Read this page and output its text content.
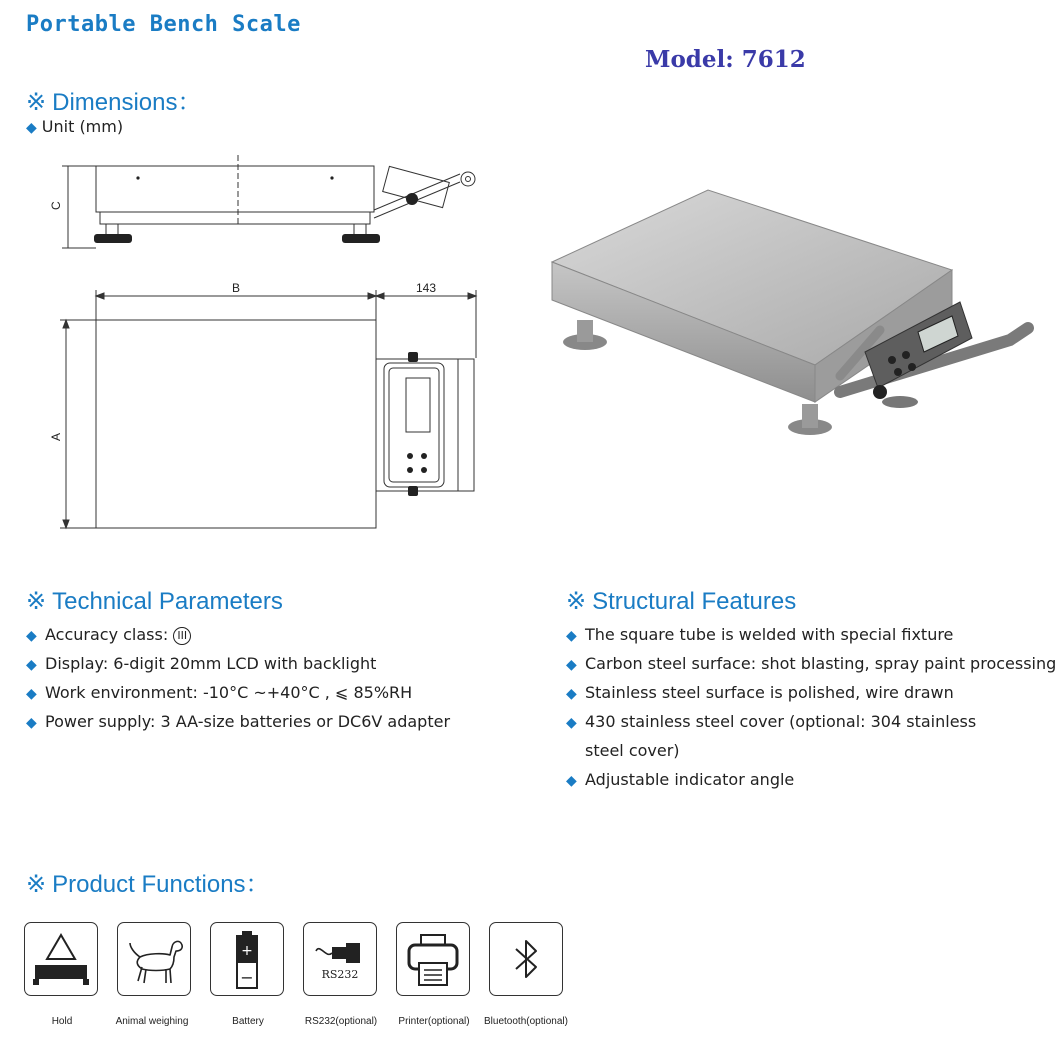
Portable Bench Scale
Model: 7612
※ Dimensions：
◆ Unit (mm)
C
B	143
A
※ Technical Parameters
◆ Accuracy class: III
◆ Display: 6-digit 20mm LCD with backlight
◆ Work environment: -10°C ~+40°C , ⩽ 85%RH
◆ Power supply: 3 AA-size batteries or DC6V adapter
※ Structural Features
◆ The square tube is welded with special fixture
◆ Carbon steel surface: shot blasting, spray paint processing
◆ Stainless steel surface is polished, wire drawn
◆ 430 stainless steel cover (optional: 304 stainless
steel cover)
◆ Adjustable indicator angle
※ Product Functions：
+
−	RS232
Hold	Animal weighing	Battery	RS232(optional)	Printer(optional)	Bluetooth(optional)
